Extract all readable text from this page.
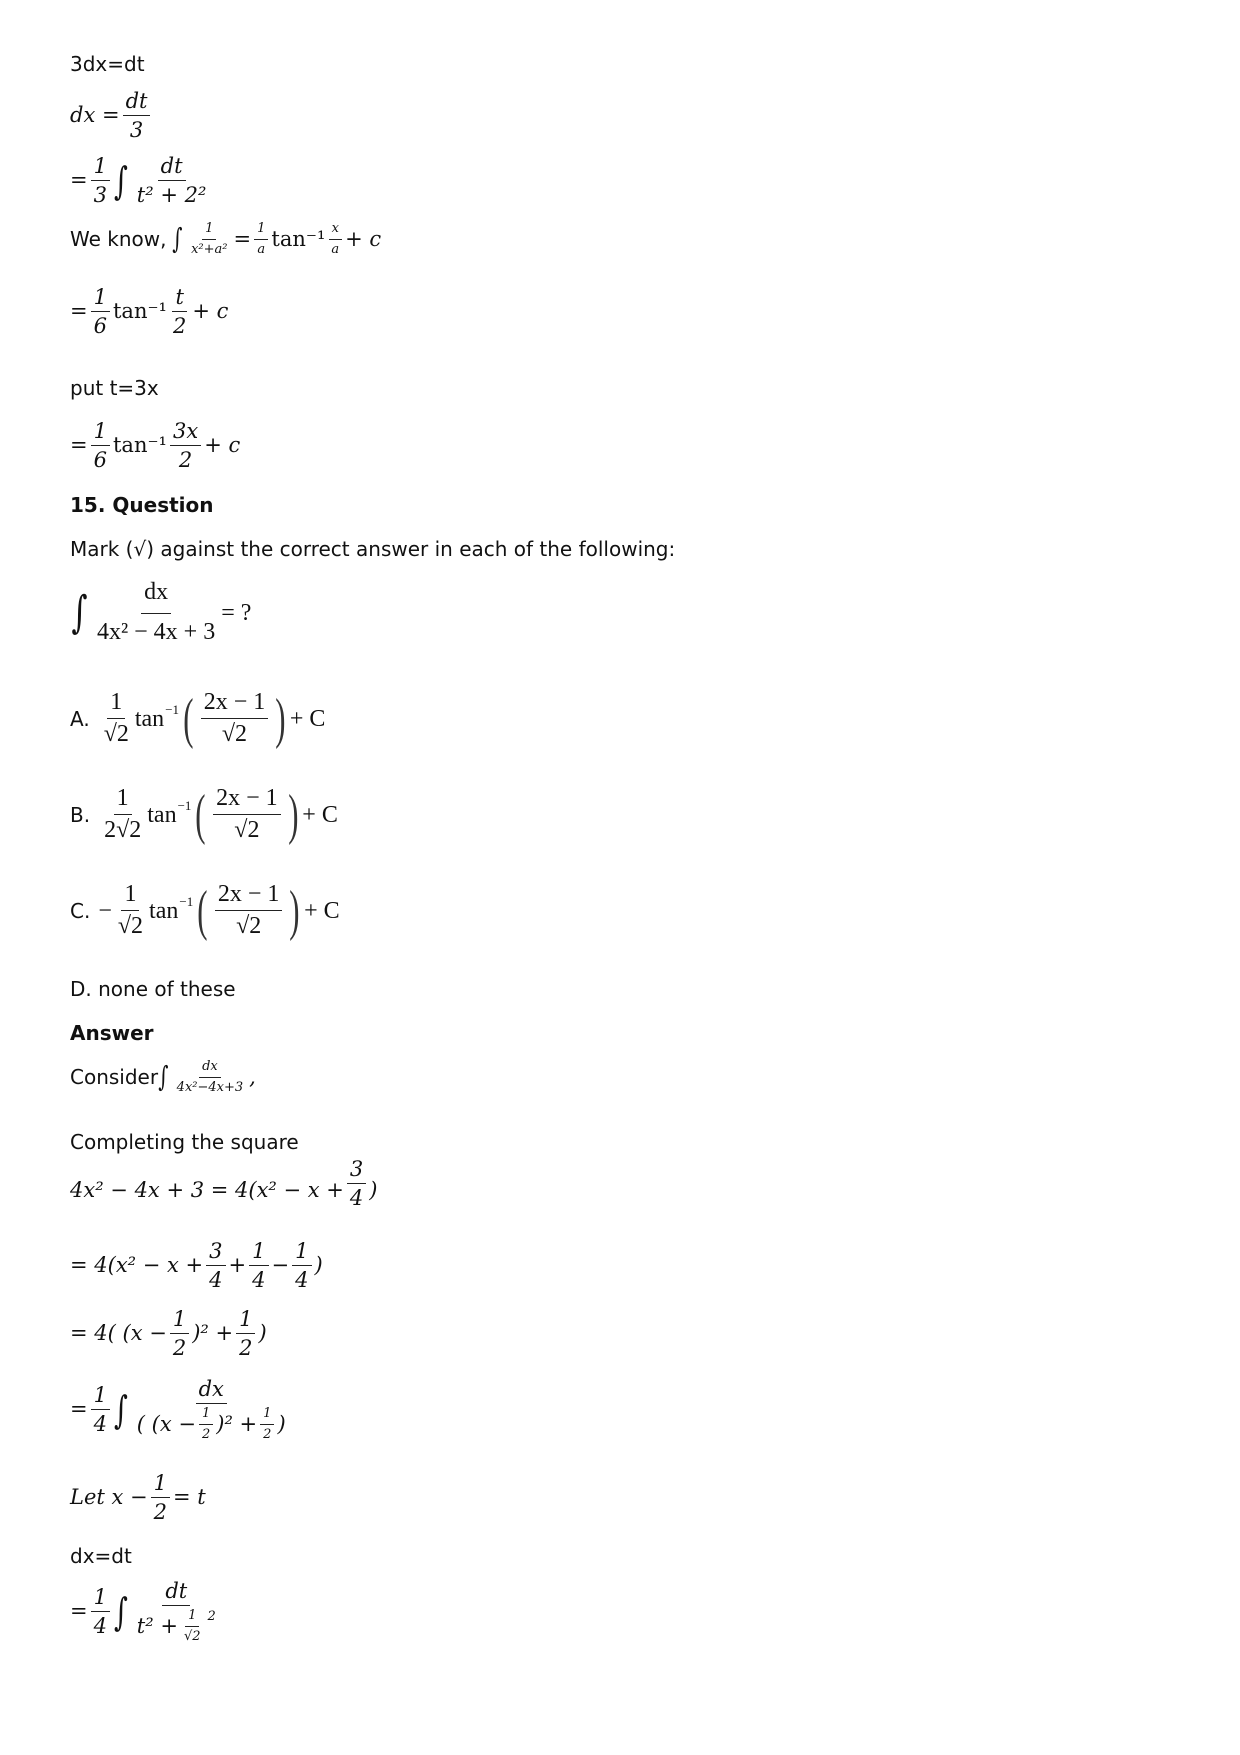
3dx=dt
dx = $\frac{dt}{3}$
= $\frac{1}{3}$ ∫ $\frac{dt}{\text{t² + 2²}}$
We know, ∫ $\frac{1}{\text{x²+a²}} = \frac{1}{a} \tan^{-1} \frac{x}{a} + c$
= $\frac{1}{6} \tan^{-1} \frac{t}{2} + c$
put t=3x
= $\frac{1}{6} \tan^{-1} \frac{3x}{2} + c$
15. Question
Mark (√) against the correct answer in each of the following:
∫ $\frac{dx}{\text{4x² − 4x + 3}}$ = ?
A. $\frac{1}{√2}$ tan −1 ( $\frac{2x - 1}{√2}$ ) + C
B. $\frac{1}{2√2}$ tan −1 ( $\frac{2x - 1}{√2}$ ) + C
C. − $\frac{1}{√2}$ tan −1 ( $\frac{2x - 1}{√2}$ ) + C
D. none of these
Answer
Consider ∫ $\frac{dx}{\text{4x²−4x+3}}$ ,
Completing the square
$4x^2 - 4x + 3 = 4(x^2 - x + \frac{3}{4}$ )
= $4(x^2 - x + \frac{3}{4} + \frac{1}{4} - \frac{1}{4}$ )
= 4( $(x - \frac{1}{2} )^2 + \frac{1}{2}$ )
= $\frac{1}{4}$ ∫ $\frac{dx}{( (x - \frac{1}{2} )^2 + \frac{1}{2} )}$
Let $x - \frac{1}{2} = t$
dx=dt
= $\frac{1}{4}$ ∫ $\frac{dt}{t^2 + \frac{1}{√2} 2}$
